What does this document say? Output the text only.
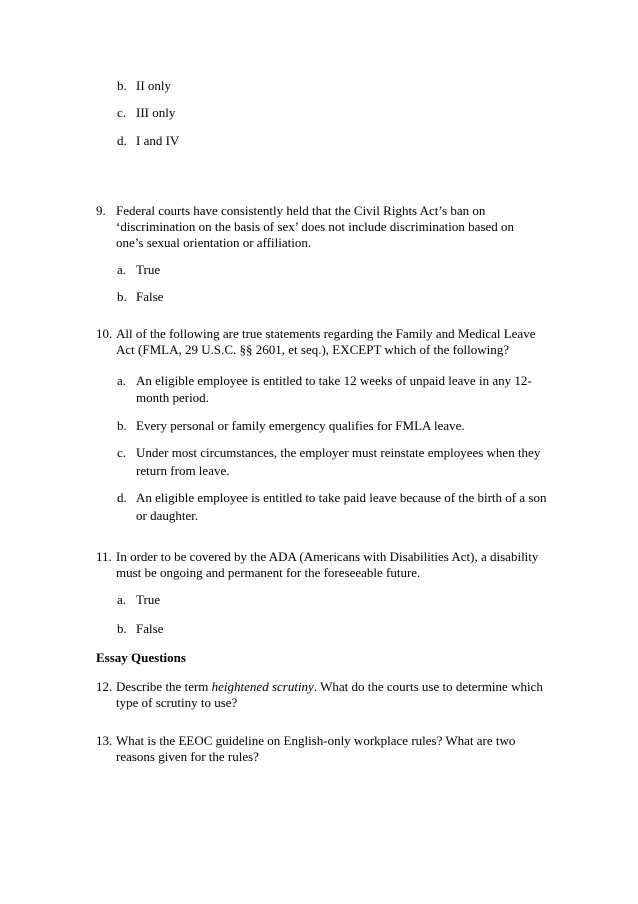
b. II only
c. III only
d. I and IV
9. Federal courts have consistently held that the Civil Rights Act’s ban on
‘discrimination on the basis of sex’ does not include discrimination based on
one’s sexual orientation or affiliation.
a. True
b. False
10. All of the following are true statements regarding the Family and Medical Leave
Act (FMLA, 29 U.S.C. §§ 2601, et seq.), EXCEPT which of the following?
a. An eligible employee is entitled to take 12 weeks of unpaid leave in any 12-
month period.
b. Every personal or family emergency qualifies for FMLA leave.
c. Under most circumstances, the employer must reinstate employees when they
return from leave.
d. An eligible employee is entitled to take paid leave because of the birth of a son
or daughter.
11. In order to be covered by the ADA (Americans with Disabilities Act), a disability
must be ongoing and permanent for the foreseeable future.
a. True
b. False
Essay Questions
12. Describe the term heightened scrutiny. What do the courts use to determine which
type of scrutiny to use?
13. What is the EEOC guideline on English-only workplace rules? What are two
reasons given for the rules?
